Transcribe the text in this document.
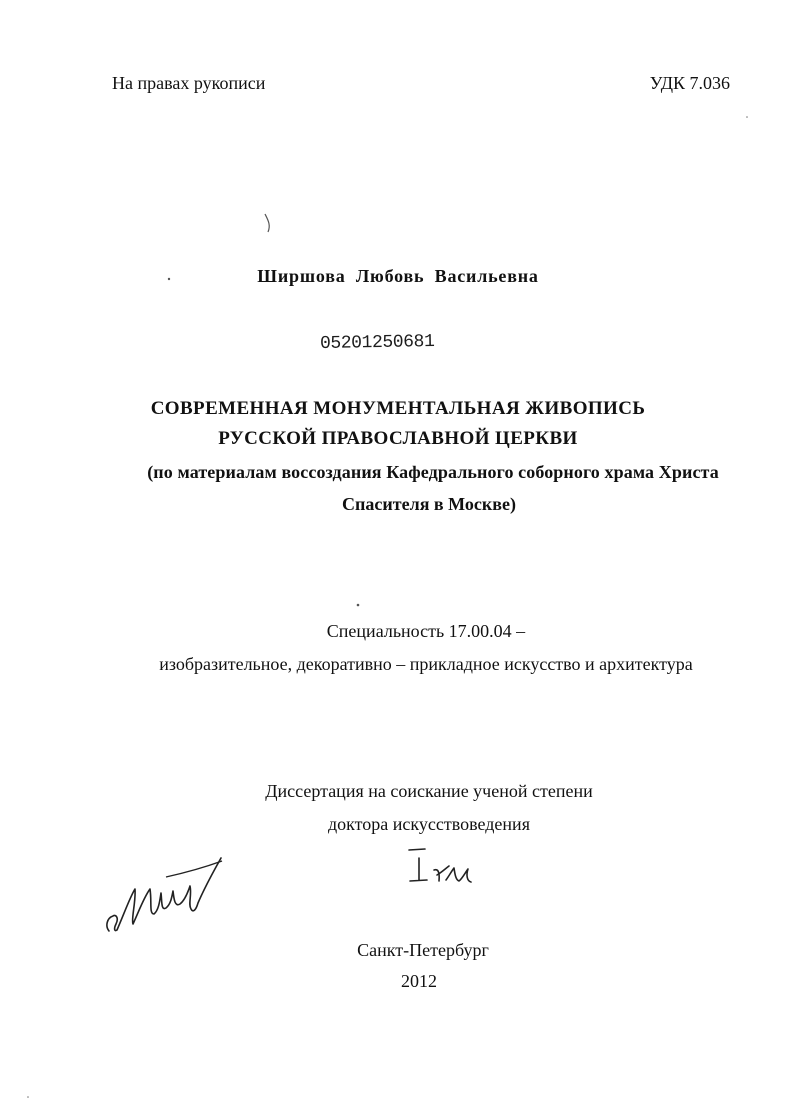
На правах рукописи	УДК 7.036
Ширшова Любовь Васильевна
05201250681
СОВРЕМЕННАЯ МОНУМЕНТАЛЬНАЯ ЖИВОПИСЬ
РУССКОЙ ПРАВОСЛАВНОЙ ЦЕРКВИ
(по материалам воссоздания Кафедрального соборного храма Христа
Спасителя в Москве)
Специальность 17.00.04 –
изобразительное, декоративно – прикладное искусство и архитектура
Диссертация на соискание ученой степени
доктора искусствоведения
Санкт-Петербург
2012
